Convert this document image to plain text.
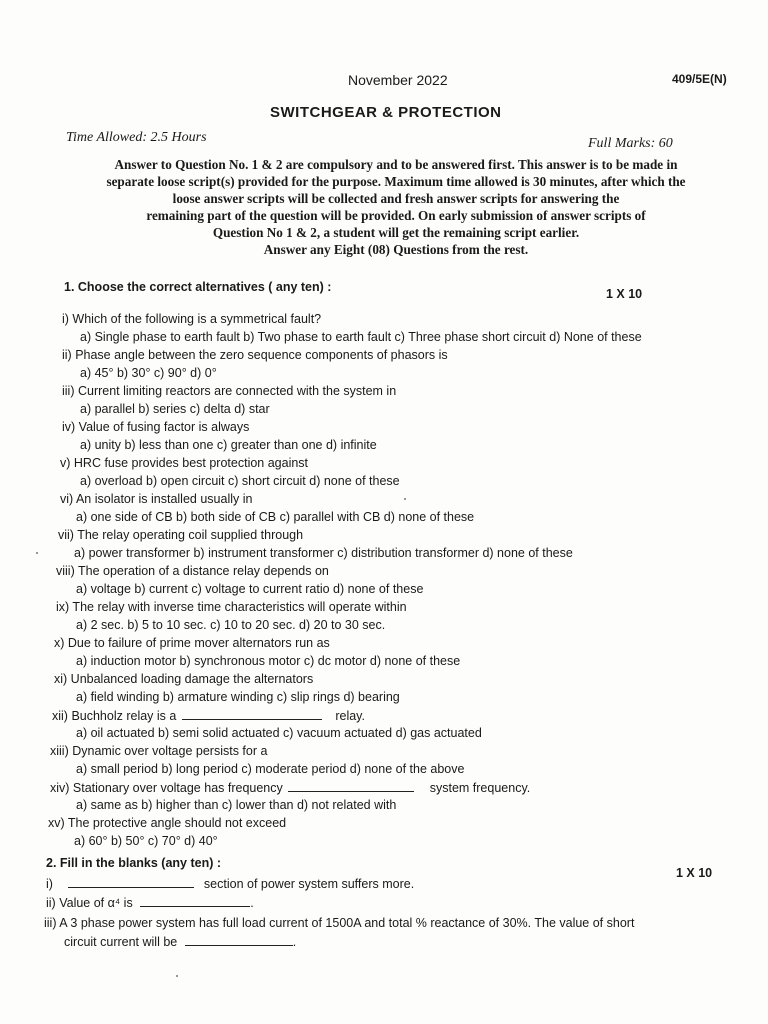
November 2022	409/5E(N)
SWITCHGEAR & PROTECTION
Time Allowed: 2.5 Hours	Full Marks: 60
Answer to Question No. 1 & 2 are compulsory and to be answered first. This answer is to be made in
separate loose script(s) provided for the purpose. Maximum time allowed is 30 minutes, after which the
loose answer scripts will be collected and fresh answer scripts for answering the
remaining part of the question will be provided. On early submission of answer scripts of
Question No 1 & 2, a student will get the remaining script earlier.
Answer any Eight (08) Questions from the rest.
1. Choose the correct alternatives ( any ten) :	1 X 10
i) Which of the following is a symmetrical fault?
a) Single phase to earth fault b) Two phase to earth fault c) Three phase short circuit d) None of these
ii) Phase angle between the zero sequence components of phasors is
a) 45° b) 30° c) 90° d) 0°
iii) Current limiting reactors are connected with the system in
a) parallel b) series c) delta d) star
iv) Value of fusing factor is always
a) unity b) less than one c) greater than one d) infinite
v) HRC fuse provides best protection against
a) overload b) open circuit c) short circuit d) none of these
vi) An isolator is installed usually in
a) one side of CB b) both side of CB c) parallel with CB d) none of these
vii) The relay operating coil supplied through
a) power transformer b) instrument transformer c) distribution transformer d) none of these
viii) The operation of a distance relay depends on
a) voltage b) current c) voltage to current ratio d) none of these
ix) The relay with inverse time characteristics will operate within
a) 2 sec. b) 5 to 10 sec. c) 10 to 20 sec. d) 20 to 30 sec.
x) Due to failure of prime mover alternators run as
a) induction motor b) synchronous motor c) dc motor d) none of these
xi) Unbalanced loading damage the alternators
a) field winding b) armature winding c) slip rings d) bearing
xii) Buchholz relay is a	relay.
a) oil actuated b) semi solid actuated c) vacuum actuated d) gas actuated
xiii) Dynamic over voltage persists for a
a) small period b) long period c) moderate period d) none of the above
xiv) Stationary over voltage has frequency	system frequency.
a) same as b) higher than c) lower than d) not related with
xv) The protective angle should not exceed
a) 60° b) 50° c) 70° d) 40°
2. Fill in the blanks (any ten) :
1 X 10
i)	section of power system suffers more.
ii) Value of α⁴ is	.
iii) A 3 phase power system has full load current of 1500A and total % reactance of 30%. The value of short
circuit current will be	.
